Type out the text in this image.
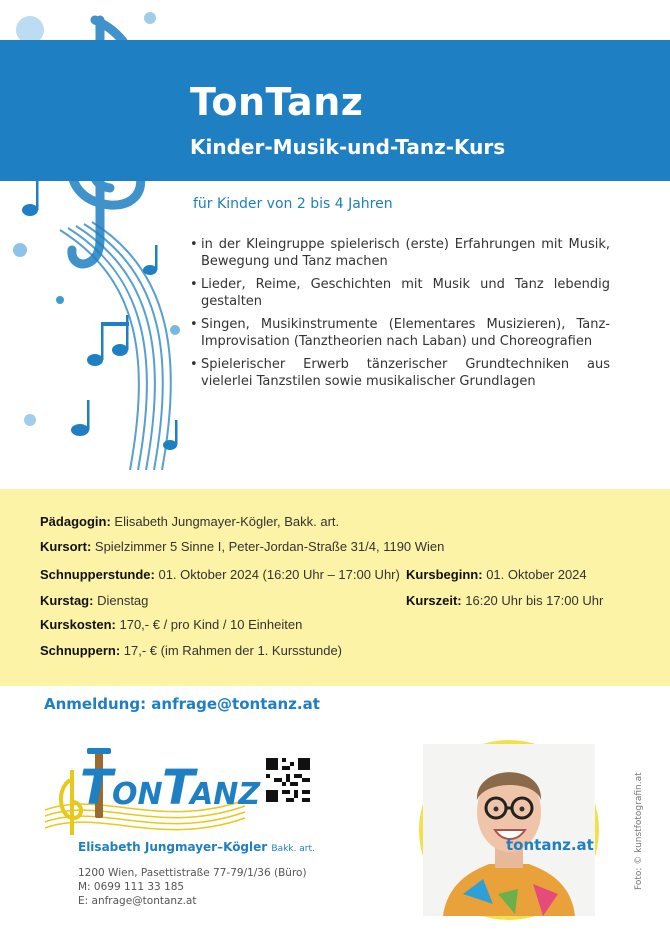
TonTanz
Kinder-Musik-und-Tanz-Kurs
für Kinder von 2 bis 4 Jahren
• in der Kleingruppe spielerisch (erste) Erfahrungen mit Musik, Bewegung und Tanz machen
• Lieder, Reime, Geschichten mit Musik und Tanz lebendig gestalten
• Singen, Musikinstrumente (Elementares Musizieren), Tanz-Improvisation (Tanztheorien nach Laban) und Choreografien
• Spielerischer Erwerb tänzerischer Grundtechniken aus vielerlei Tanzstilen sowie musikalischer Grundlagen
Pädagogin: Elisabeth Jungmayer-Kögler, Bakk. art.
Kursort: Spielzimmer 5 Sinne I, Peter-Jordan-Straße 31/4, 1190 Wien
Schnupperstunde: 01. Oktober 2024 (16:20 Uhr – 17:00 Uhr) Kursbeginn: 01. Oktober 2024
Kurstag: Dienstag	Kurszeit: 16:20 Uhr bis 17:00 Uhr
Kurskosten: 170,- € / pro Kind / 10 Einheiten
Schnuppern: 17,- € (im Rahmen der 1. Kursstunde)
Anmeldung: anfrage@tontanz.at
T ON T
ANZ
Elisabeth Jungmayer–Kögler Bakk. art.
1200 Wien, Pasettistraße 77-79/1/36 (Büro)
M: 0699 111 33 185
E: anfrage@tontanz.at
tontanz.at	Foto: © kunstfotografin.at
